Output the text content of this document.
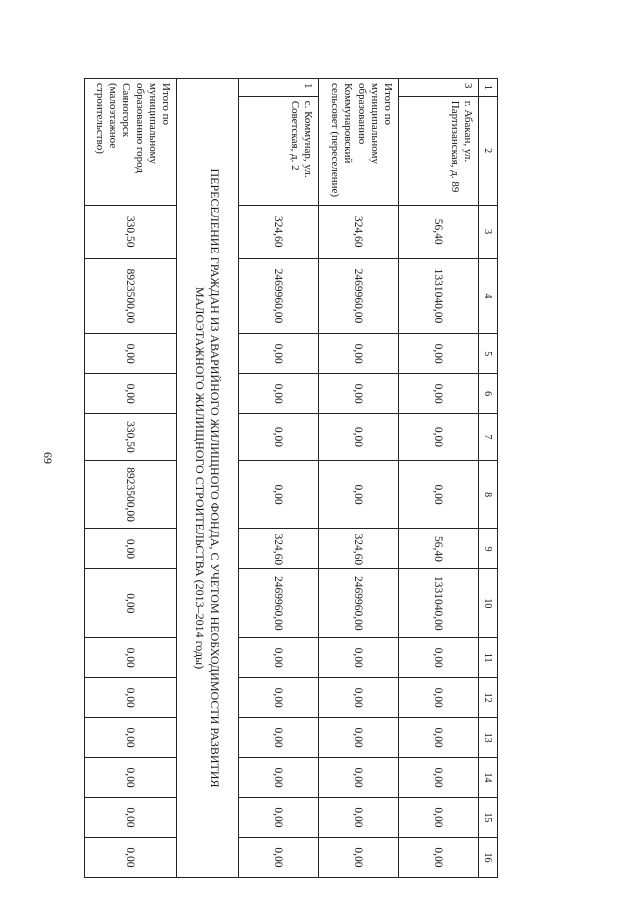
69
1	2	3	4	5	6	7	8	9	10	11	12	13	14	15	16
3	г. Абакан, ул. Партизанская, д. 89	56,40	1331040,00	0,00	0,00	0,00	0,00	56,40	1331040,00	0,00	0,00	0,00	0,00	0,00	0,00
Итого по муниципальному образованию Коммунаровский сельсовет (переселение)		324,60	2469960,00	0,00	0,00	0,00	0,00	324,60	2469960,00	0,00	0,00	0,00	0,00	0,00	0,00
1	с. Коммунар, ул. Советская, д. 2	324,60	2469960,00	0,00	0,00	0,00	0,00	324,60	2469960,00	0,00	0,00	0,00	0,00	0,00	0,00

ПЕРЕСЕЛЕНИЕ ГРАЖДАН ИЗ АВАРИЙНОГО ЖИЛИЩНОГО ФОНДА, С УЧЕТОМ НЕОБХОДИМОСТИ РАЗВИТИЯ
МАЛОЭТАЖНОГО ЖИЛИЩНОГО СТРОИТЕЛЬСТВА (2013–2014 годы)															

Итого по муниципальному образованию город Саяногорск (малоэтажное строительство)		330,50	8923500,00	0,00	0,00	330,50	8923500,00	0,00	0,00	0,00	0,00	0,00	0,00	0,00	0,00
